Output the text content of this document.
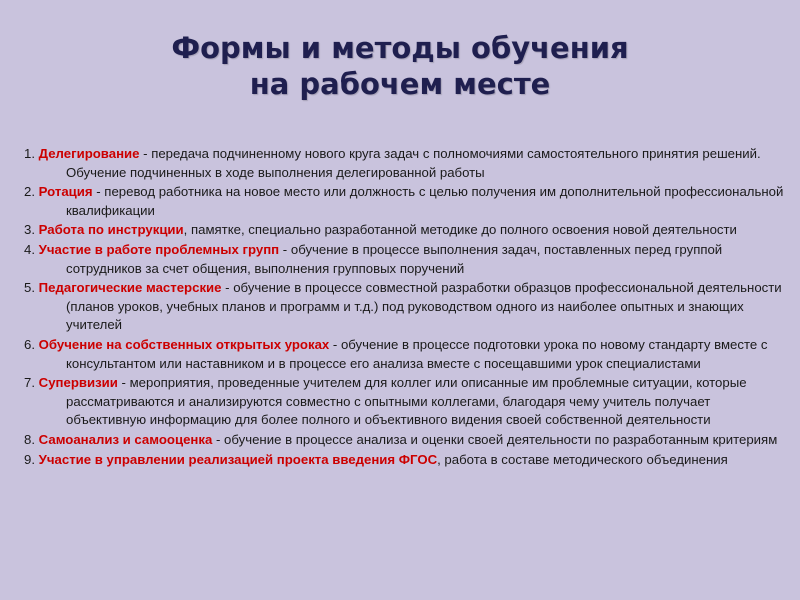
Формы и методы обучения
на рабочем месте
1. Делегирование - передача подчиненному нового круга задач с полномочиями самостоятельного принятия решений. Обучение подчиненных в ходе выполнения делегированной работы
2. Ротация - перевод работника на новое место или должность с целью получения им дополнительной профессиональной квалификации
3. Работа по инструкции, памятке, специально разработанной методике до полного освоения новой деятельности
4. Участие в работе проблемных групп - обучение в процессе выполнения задач, поставленных перед группой сотрудников за счет общения, выполнения групповых поручений
5. Педагогические мастерские - обучение в процессе совместной разработки образцов профессиональной деятельности (планов уроков, учебных планов и программ и т.д.) под руководством одного из наиболее опытных и знающих учителей
6. Обучение на собственных открытых уроках - обучение в процессе подготовки урока по новому стандарту вместе с консультантом или наставником и в процессе его анализа вместе с посещавшими урок специалистами
7. Супервизии - мероприятия, проведенные учителем для коллег или описанные им проблемные ситуации, которые рассматриваются и анализируются совместно с опытными коллегами, благодаря чему учитель получает объективную информацию для более полного и объективного видения своей собственной деятельности
8. Самоанализ и самооценка - обучение в процессе анализа и оценки своей деятельности по разработанным критериям
9. Участие в управлении реализацией проекта введения ФГОС, работа в составе методического объединения
